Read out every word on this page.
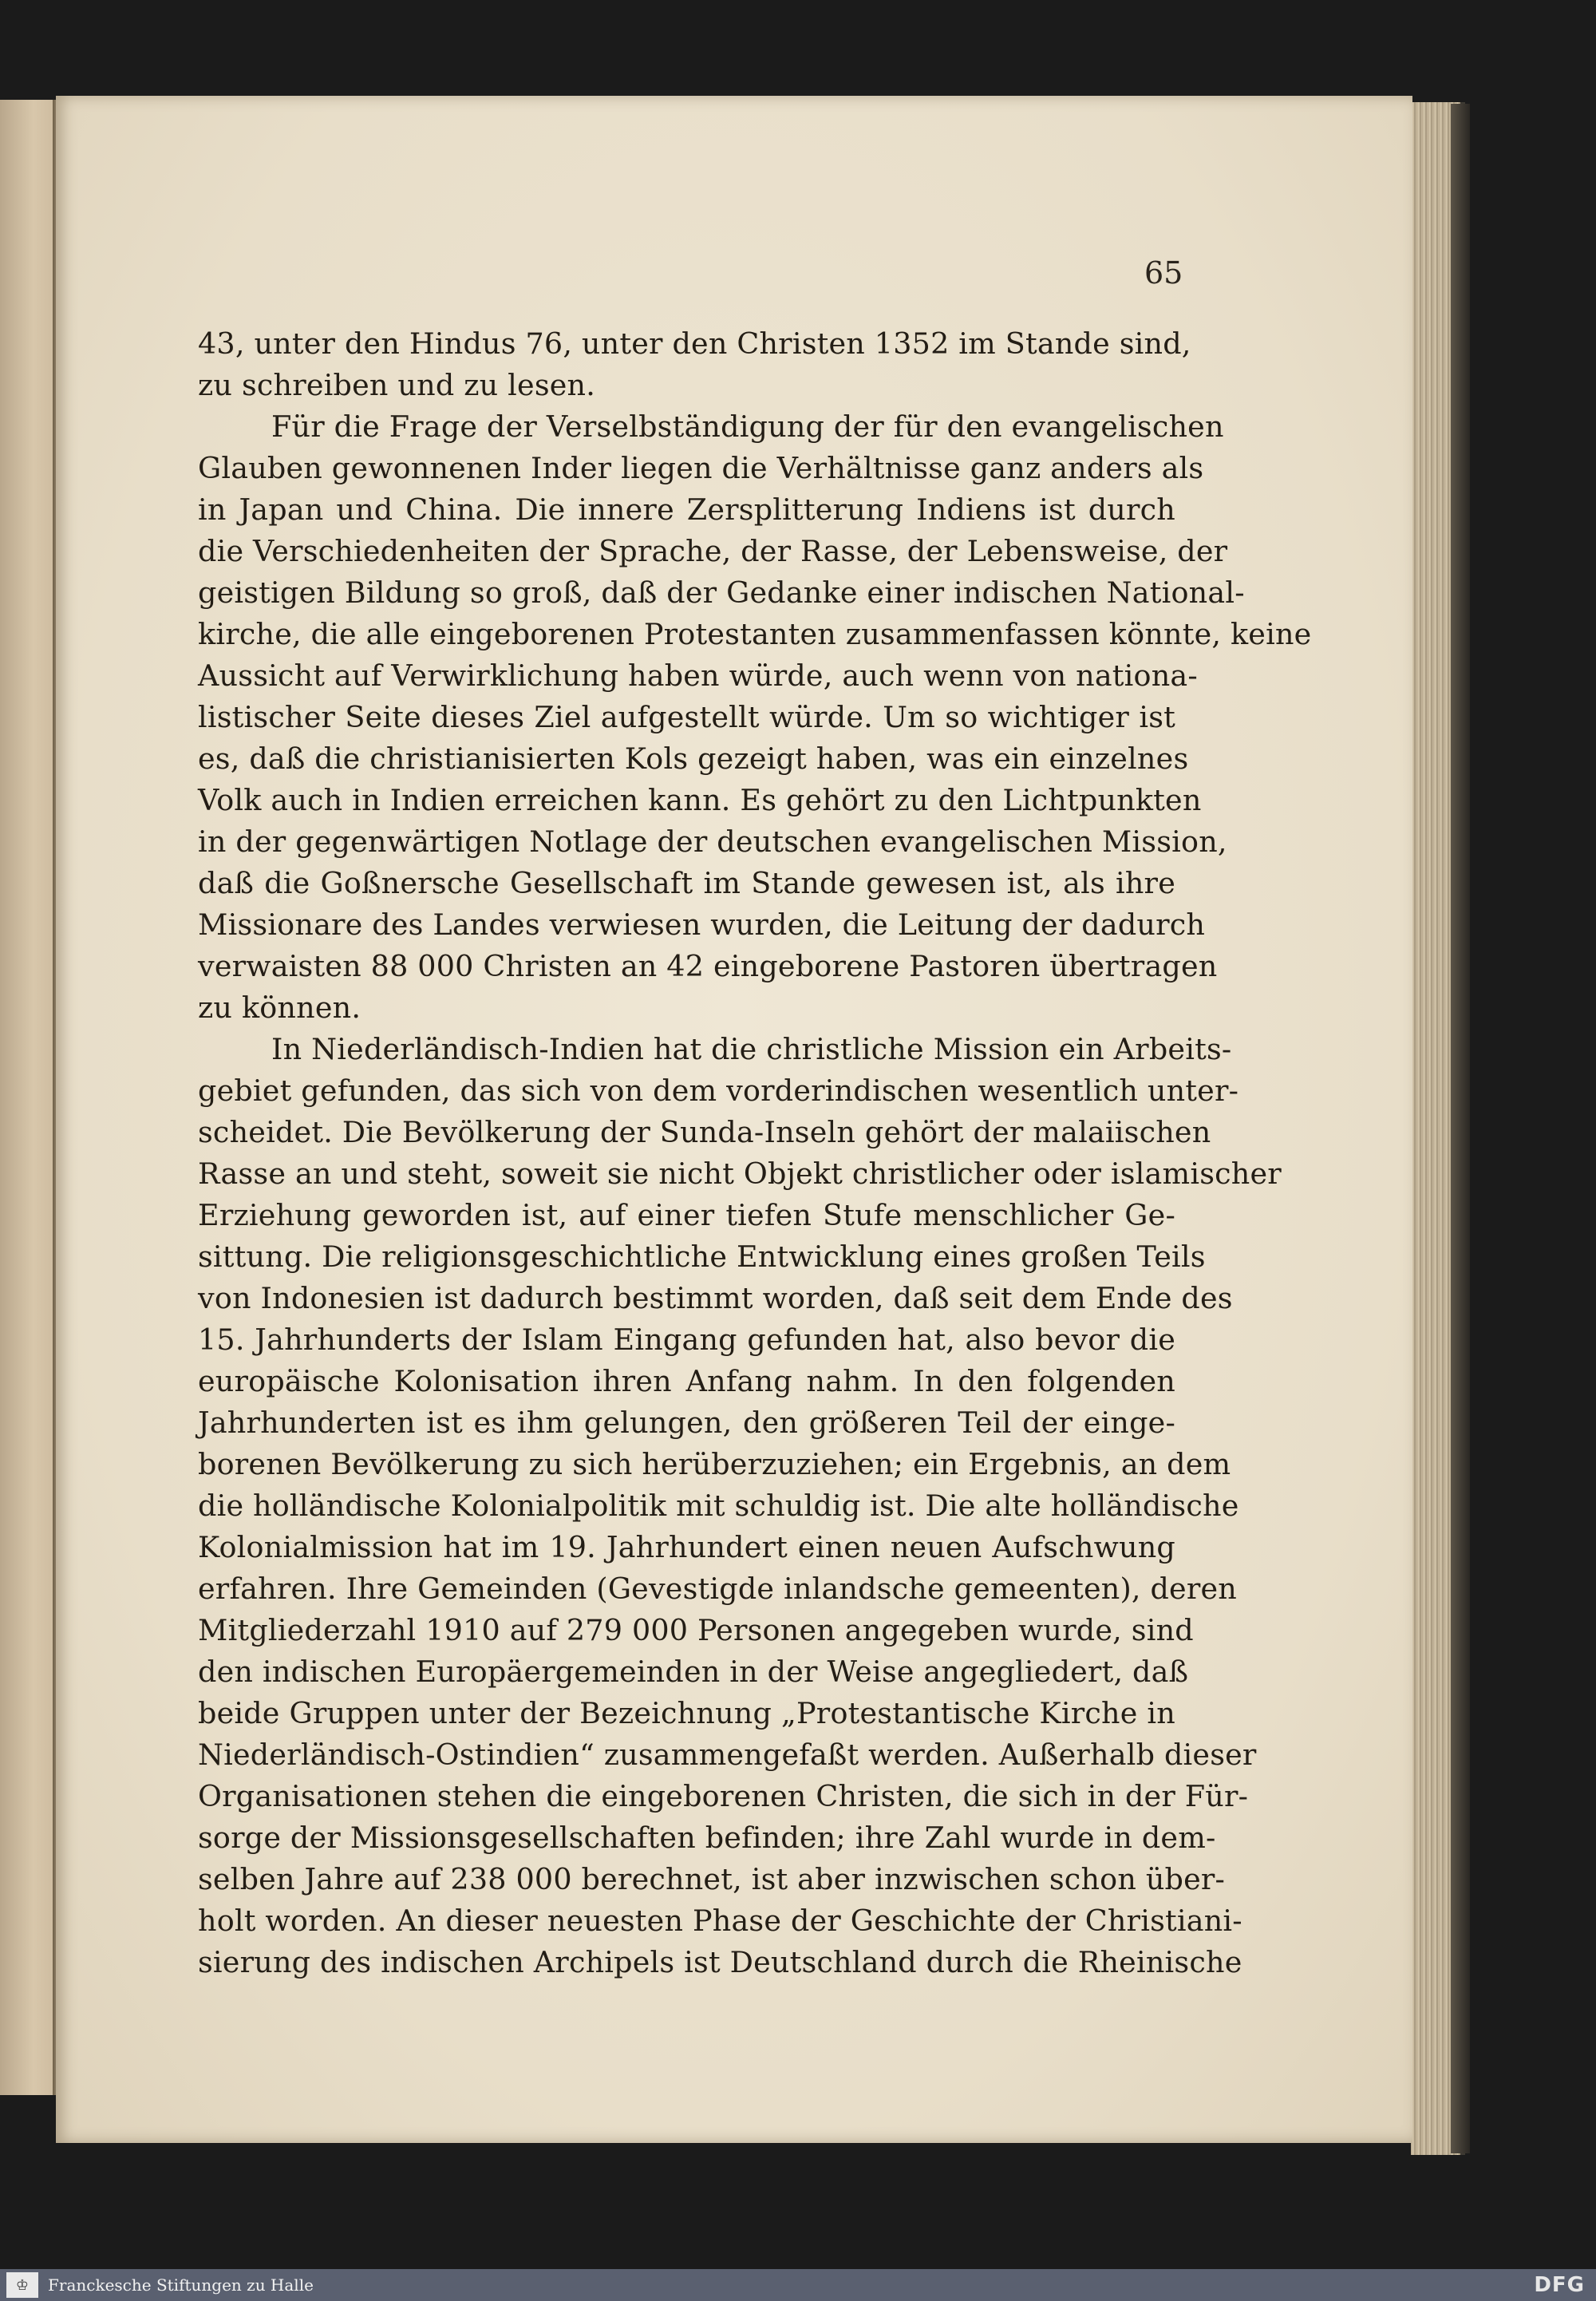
65
43, unter den Hindus 76, unter den Christen 1352 im Stande sind,
zu schreiben und zu lesen.
Für die Frage der Verselbständigung der für den evangelischen
Glauben gewonnenen Inder liegen die Verhältnisse ganz anders als
in Japan und China. Die innere Zersplitterung Indiens ist durch
die Verschiedenheiten der Sprache, der Rasse, der Lebensweise, der
geistigen Bildung so groß, daß der Gedanke einer indischen National-
kirche, die alle eingeborenen Protestanten zusammenfassen könnte, keine
Aussicht auf Verwirklichung haben würde, auch wenn von nationa-
listischer Seite dieses Ziel aufgestellt würde. Um so wichtiger ist
es, daß die christianisierten Kols gezeigt haben, was ein einzelnes
Volk auch in Indien erreichen kann. Es gehört zu den Lichtpunkten
in der gegenwärtigen Notlage der deutschen evangelischen Mission,
daß die Goßnersche Gesellschaft im Stande gewesen ist, als ihre
Missionare des Landes verwiesen wurden, die Leitung der dadurch
verwaisten 88 000 Christen an 42 eingeborene Pastoren übertragen
zu können.
In Niederländisch-Indien hat die christliche Mission ein Arbeits-
gebiet gefunden, das sich von dem vorderindischen wesentlich unter-
scheidet. Die Bevölkerung der Sunda-Inseln gehört der malaiischen
Rasse an und steht, soweit sie nicht Objekt christlicher oder islamischer
Erziehung geworden ist, auf einer tiefen Stufe menschlicher Ge-
sittung. Die religionsgeschichtliche Entwicklung eines großen Teils
von Indonesien ist dadurch bestimmt worden, daß seit dem Ende des
15. Jahrhunderts der Islam Eingang gefunden hat, also bevor die
europäische Kolonisation ihren Anfang nahm. In den folgenden
Jahrhunderten ist es ihm gelungen, den größeren Teil der einge-
borenen Bevölkerung zu sich herüberzuziehen; ein Ergebnis, an dem
die holländische Kolonialpolitik mit schuldig ist. Die alte holländische
Kolonialmission hat im 19. Jahrhundert einen neuen Aufschwung
erfahren. Ihre Gemeinden (Gevestigde inlandsche gemeenten), deren
Mitgliederzahl 1910 auf 279 000 Personen angegeben wurde, sind
den indischen Europäergemeinden in der Weise angegliedert, daß
beide Gruppen unter der Bezeichnung „Protestantische Kirche in
Niederländisch-Ostindien“ zusammengefaßt werden. Außerhalb dieser
Organisationen stehen die eingeborenen Christen, die sich in der Für-
sorge der Missionsgesellschaften befinden; ihre Zahl wurde in dem-
selben Jahre auf 238 000 berechnet, ist aber inzwischen schon über-
holt worden. An dieser neuesten Phase der Geschichte der Christiani-
sierung des indischen Archipels ist Deutschland durch die Rheinische
♔	Franckesche Stiftungen zu Halle	DFG
